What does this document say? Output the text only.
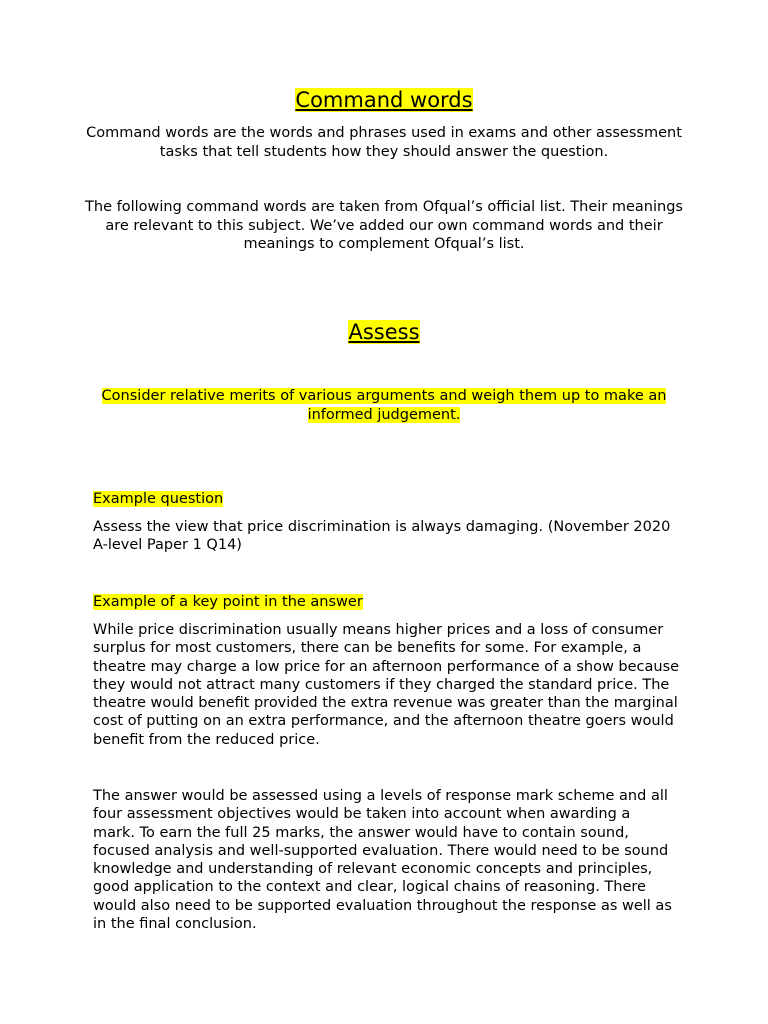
Command words
Command words are the words and phrases used in exams and other assessment tasks that tell students how they should answer the question.
The following command words are taken from Ofqual’s official list. Their meanings are relevant to this subject. We’ve added our own command words and their meanings to complement Ofqual’s list.
Assess
Consider relative merits of various arguments and weigh them up to make an informed judgement.
Example question
Assess the view that price discrimination is always damaging. (November 2020 A-level Paper 1 Q14)
Example of a key point in the answer
While price discrimination usually means higher prices and a loss of consumer surplus for most customers, there can be benefits for some. For example, a theatre may charge a low price for an afternoon performance of a show because they would not attract many customers if they charged the standard price. The theatre would benefit provided the extra revenue was greater than the marginal cost of putting on an extra performance, and the afternoon theatre goers would benefit from the reduced price.
The answer would be assessed using a levels of response mark scheme and all four assessment objectives would be taken into account when awarding a mark. To earn the full 25 marks, the answer would have to contain sound, focused analysis and well-supported evaluation. There would need to be sound knowledge and understanding of relevant economic concepts and principles, good application to the context and clear, logical chains of reasoning. There would also need to be supported evaluation throughout the response as well as in the final conclusion.
